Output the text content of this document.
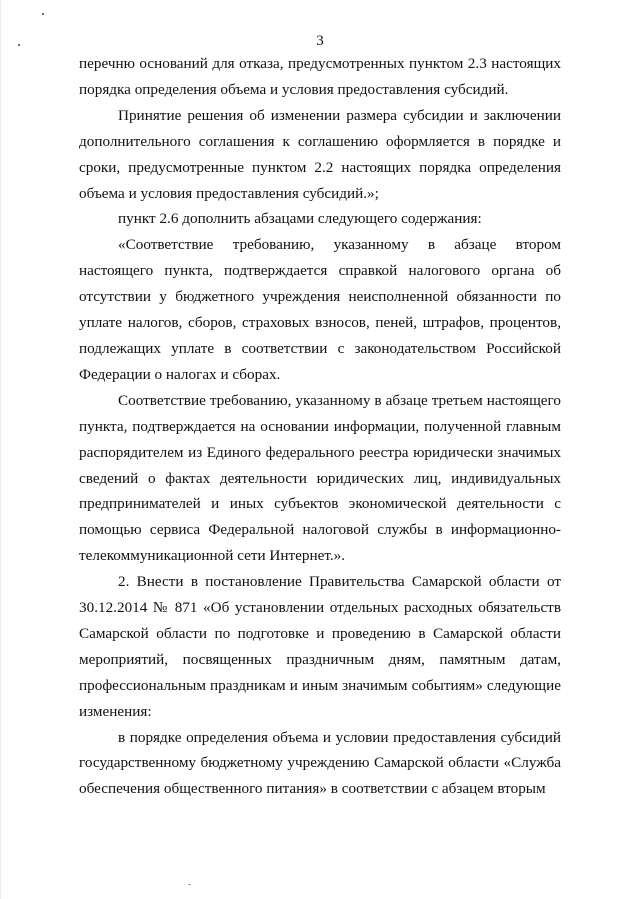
3

перечню оснований для отказа, предусмотренных пунктом 2.3 настоящих порядка определения объема и условия предоставления субсидий.

Принятие решения об изменении размера субсидии и заключении дополнительного соглашения к соглашению оформляется в порядке и сроки, предусмотренные пунктом 2.2 настоящих порядка определения объема и условия предоставления субсидий.»;

пункт 2.6 дополнить абзацами следующего содержания:

«Соответствие требованию, указанному в абзаце втором настоящего пункта, подтверждается справкой налогового органа об отсутствии у бюджетного учреждения неисполненной обязанности по уплате налогов, сборов, страховых взносов, пеней, штрафов, процентов, подлежащих уплате в соответствии с законодательством Российской Федерации о налогах и сборах.

Соответствие требованию, указанному в абзаце третьем настоящего пункта, подтверждается на основании информации, полученной главным распорядителем из Единого федерального реестра юридически значимых сведений о фактах деятельности юридических лиц, индивидуальных предпринимателей и иных субъектов экономической деятельности с помощью сервиса Федеральной налоговой службы в информационно-телекоммуникационной сети Интернет.».

2. Внести в постановление Правительства Самарской области от 30.12.2014 № 871 «Об установлении отдельных расходных обязательств Самарской области по подготовке и проведению в Самарской области мероприятий, посвященных праздничным дням, памятным датам, профессиональным праздникам и иным значимым событиям» следующие изменения:

в порядке определения объема и условии предоставления субсидий государственному бюджетному учреждению Самарской области «Служба обеспечения общественного питания» в соответствии с абзацем вторым
